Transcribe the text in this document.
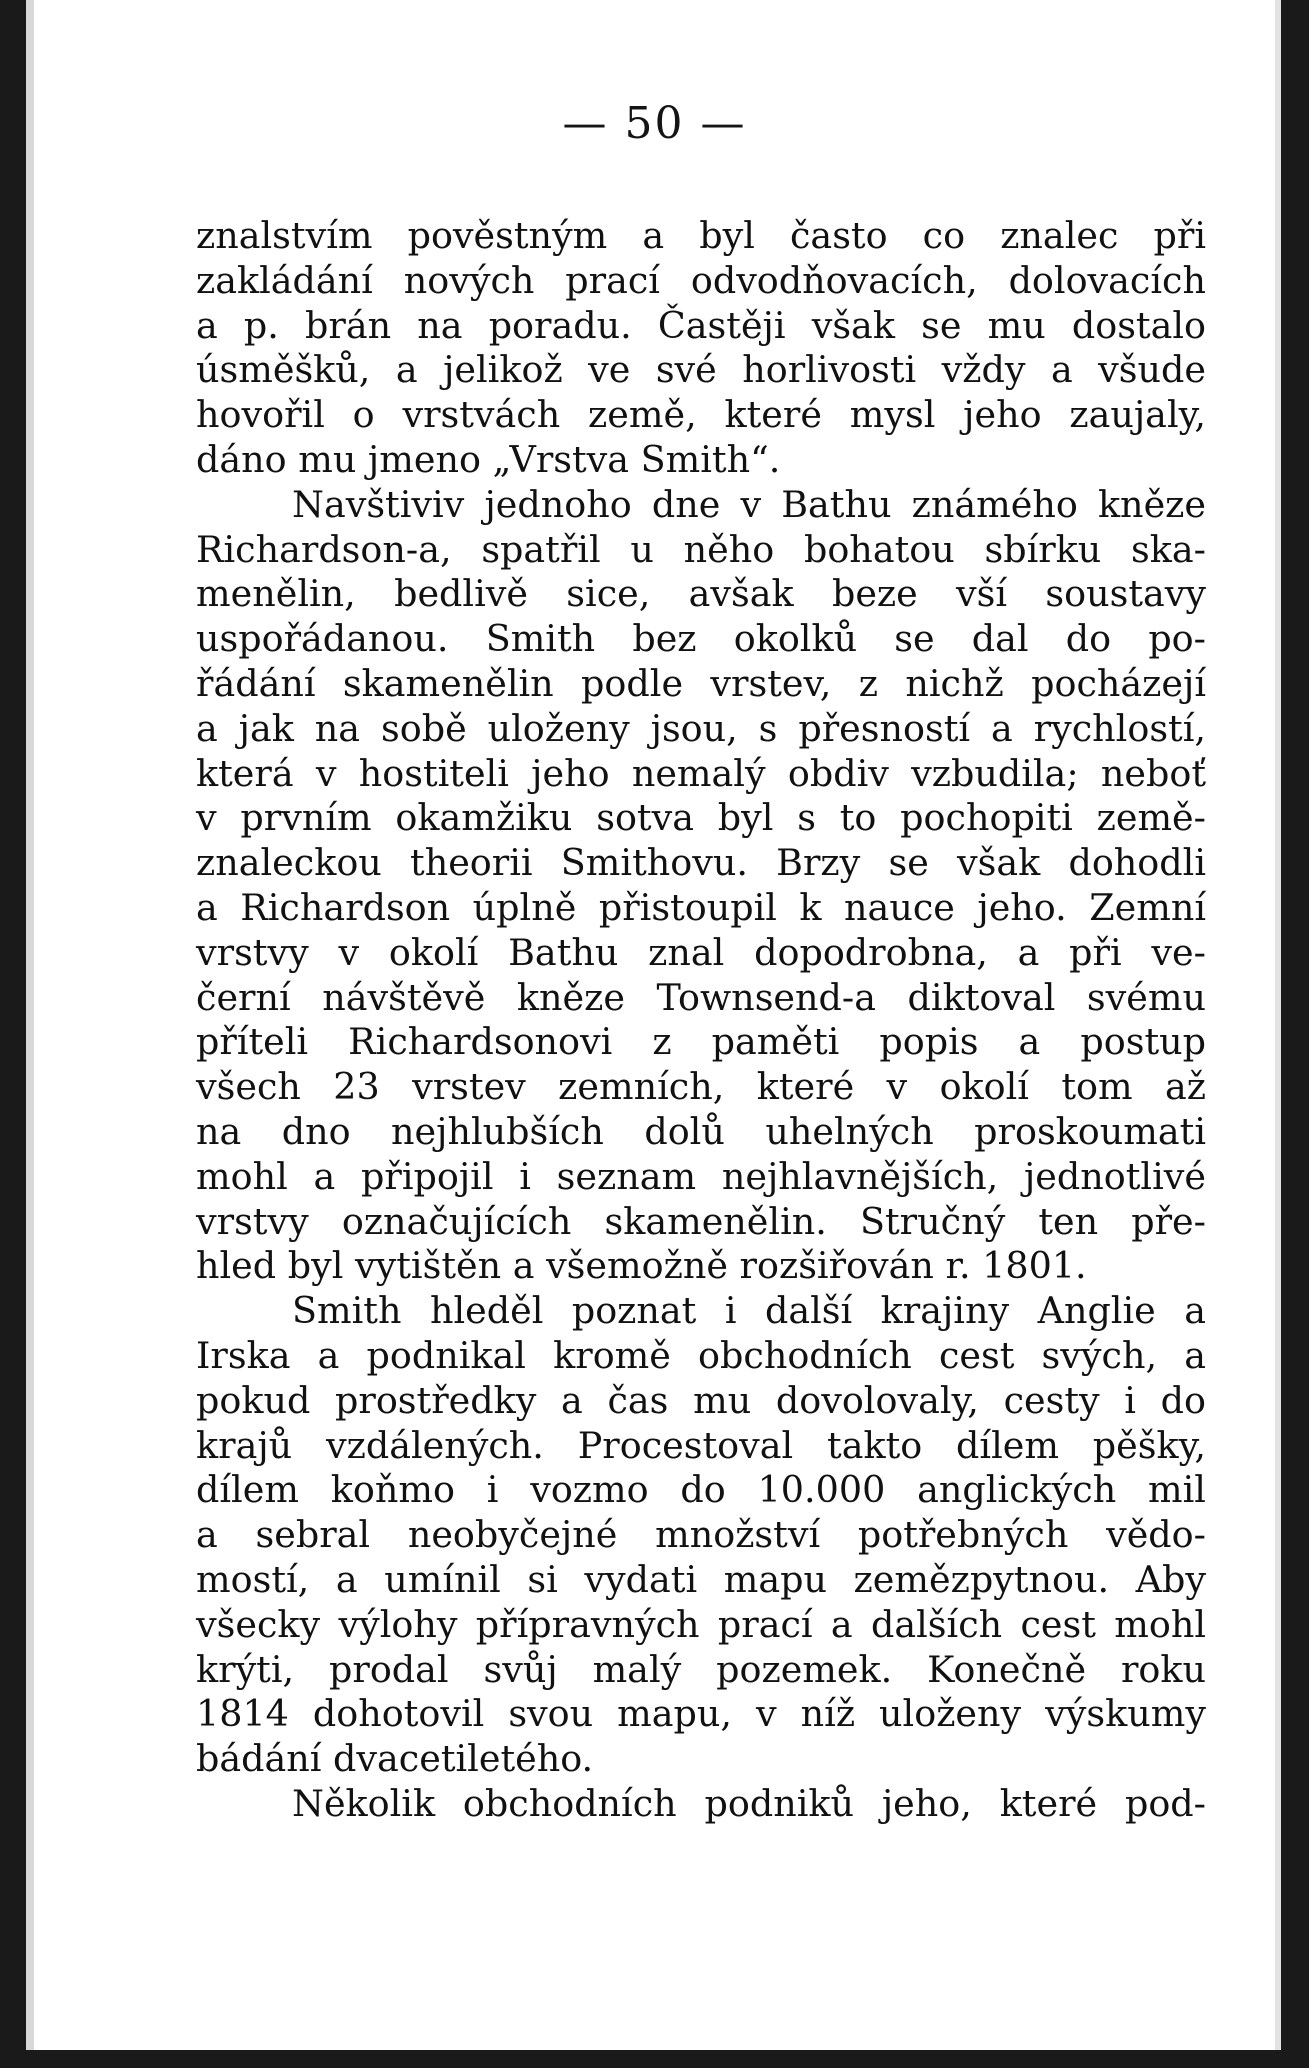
— 50 —
znalstvím pověstným a byl často co znalec při
zakládání nových prací odvodňovacích, dolovacích
a p. brán na poradu. Častěji však se mu dostalo
úsměšků, a jelikož ve své horlivosti vždy a všude
hovořil o vrstvách země, které mysl jeho zaujaly,
dáno mu jmeno „Vrstva Smith“.
Navštiviv jednoho dne v Bathu známého kněze
Richardson-a, spatřil u něho bohatou sbírku ska-
menělin, bedlivě sice, avšak beze vší soustavy
uspořádanou. Smith bez okolků se dal do po-
řádání skamenělin podle vrstev, z nichž pocházejí
a jak na sobě uloženy jsou, s přesností a rychlostí,
která v hostiteli jeho nemalý obdiv vzbudila; neboť
v prvním okamžiku sotva byl s to pochopiti země-
znaleckou theorii Smithovu. Brzy se však dohodli
a Richardson úplně přistoupil k nauce jeho. Zemní
vrstvy v okolí Bathu znal dopodrobna, a při ve-
černí návštěvě kněze Townsend-a diktoval svému
příteli Richardsonovi z paměti popis a postup
všech 23 vrstev zemních, které v okolí tom až
na dno nejhlubších dolů uhelných proskoumati
mohl a připojil i seznam nejhlavnějších, jednotlivé
vrstvy označujících skamenělin. Stručný ten pře-
hled byl vytištěn a všemožně rozšiřován r. 1801.
Smith hleděl poznat i další krajiny Anglie a
Irska a podnikal kromě obchodních cest svých, a
pokud prostředky a čas mu dovolovaly, cesty i do
krajů vzdálených. Procestoval takto dílem pěšky,
dílem koňmo i vozmo do 10.000 anglických mil
a sebral neobyčejné množství potřebných vědo-
mostí, a umínil si vydati mapu zemězpytnou. Aby
všecky výlohy přípravných prací a dalších cest mohl
krýti, prodal svůj malý pozemek. Konečně roku
1814 dohotovil svou mapu, v níž uloženy výskumy
bádání dvacetiletého.
Několik obchodních podniků jeho, které pod-
